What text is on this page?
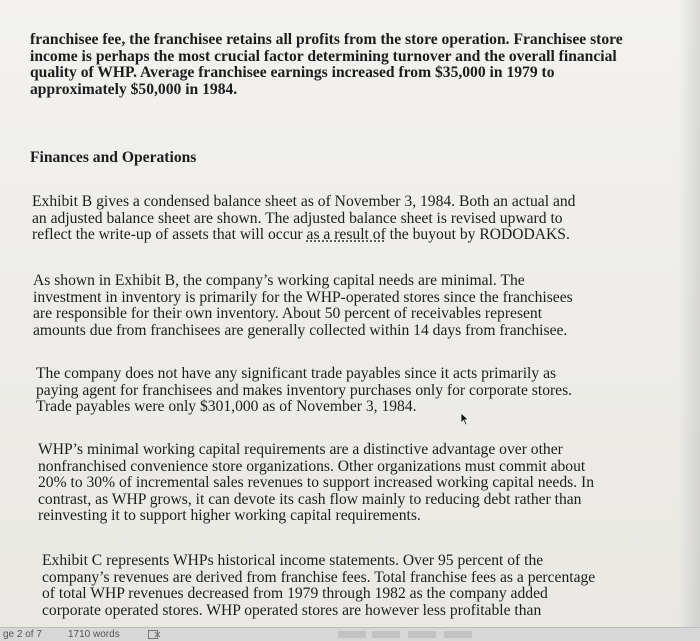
franchisee fee, the franchisee retains all profits from the store operation. Franchisee store
income is perhaps the most crucial factor determining turnover and the overall financial
quality of WHP. Average franchisee earnings increased from $35,000 in 1979 to
approximately $50,000 in 1984.
Finances and Operations
Exhibit B gives a condensed balance sheet as of November 3, 1984. Both an actual and
an adjusted balance sheet are shown. The adjusted balance sheet is revised upward to
reflect the write-up of assets that will occur as a result of the buyout by RODODAKS.
As shown in Exhibit B, the company’s working capital needs are minimal. The
investment in inventory is primarily for the WHP-operated stores since the franchisees
are responsible for their own inventory. About 50 percent of receivables represent
amounts due from franchisees are generally collected within 14 days from franchisee.
The company does not have any significant trade payables since it acts primarily as
paying agent for franchisees and makes inventory purchases only for corporate stores.
Trade payables were only $301,000 as of November 3, 1984.
WHP’s minimal working capital requirements are a distinctive advantage over other
nonfranchised convenience store organizations. Other organizations must commit about
20% to 30% of incremental sales revenues to support increased working capital needs. In
contrast, as WHP grows, it can devote its cash flow mainly to reducing debt rather than
reinvesting it to support higher working capital requirements.
Exhibit C represents WHPs historical income statements. Over 95 percent of the
company’s revenues are derived from franchise fees. Total franchise fees as a percentage
of total WHP revenues decreased from 1979 through 1982 as the company added
corporate operated stores. WHP operated stores are however less profitable than
ge 2 of 7	1710 words
